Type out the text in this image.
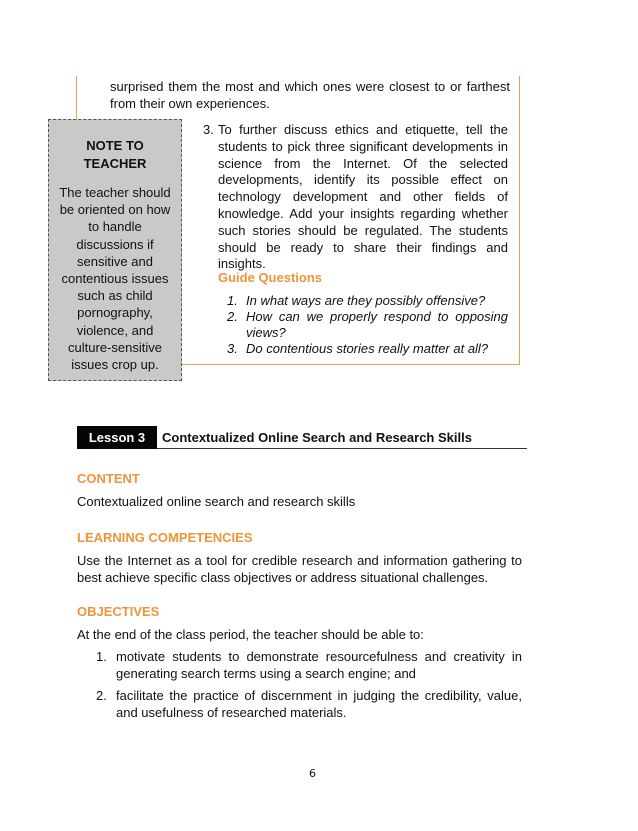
surprised them the most and which ones were closest to or farthest from their own experiences.
NOTE TO
TEACHER
The teacher should
be oriented on how
to handle
discussions if
sensitive and
contentious issues
such as child
pornography,
violence, and
culture-sensitive
issues crop up.
3. To further discuss ethics and etiquette, tell the students to pick three significant developments in science from the Internet. Of the selected developments, identify its possible effect on technology development and other fields of knowledge. Add your insights regarding whether such stories should be regulated. The students should be ready to share their findings and insights.
Guide Questions
1. In what ways are they possibly offensive?
2. How can we properly respond to opposing views?
3. Do contentious stories really matter at all?
Lesson 3	Contextualized Online Search and Research Skills
CONTENT
Contextualized online search and research skills
LEARNING COMPETENCIES
Use the Internet as a tool for credible research and information gathering to best achieve specific class objectives or address situational challenges.
OBJECTIVES
At the end of the class period, the teacher should be able to:
1. motivate students to demonstrate resourcefulness and creativity in generating search terms using a search engine; and
2. facilitate the practice of discernment in judging the credibility, value, and usefulness of researched materials.
6
